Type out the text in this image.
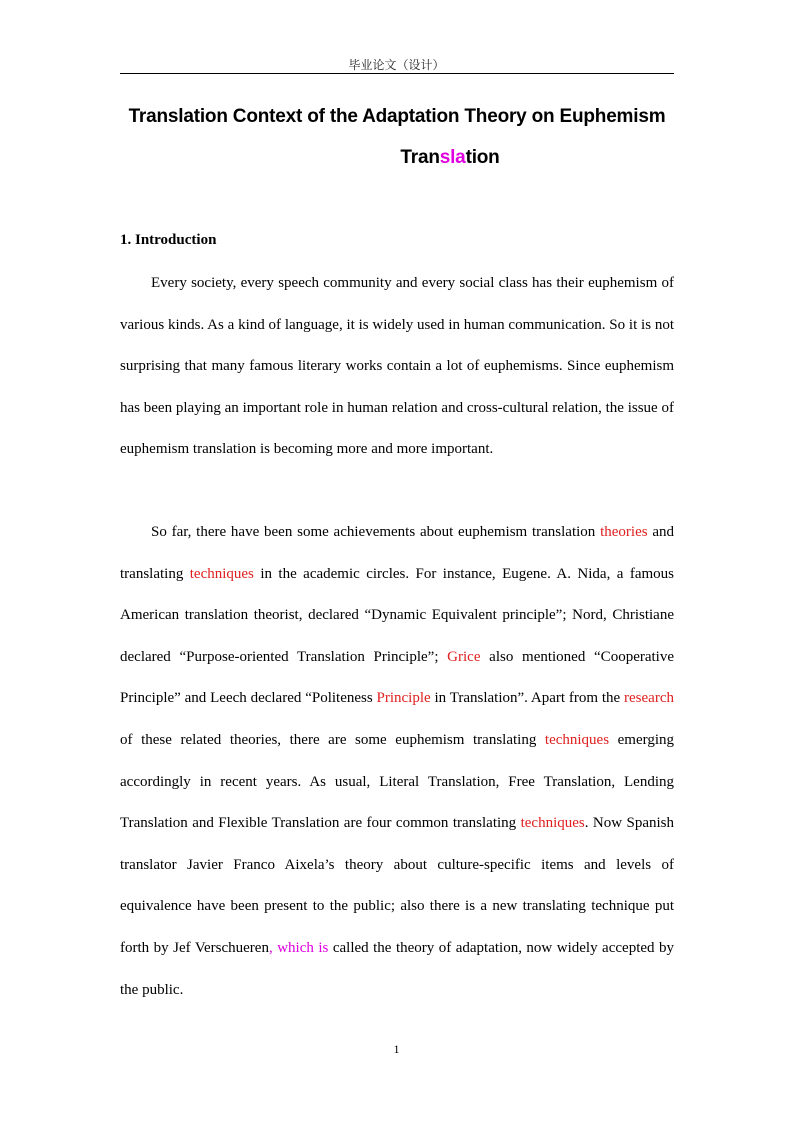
毕业论文（设计）
Translation Context of the Adaptation Theory on Euphemism
Translation
1. Introduction
Every society, every speech community and every social class has their euphemism of various kinds. As a kind of language, it is widely used in human communication. So it is not surprising that many famous literary works contain a lot of euphemisms. Since euphemism has been playing an important role in human relation and cross-cultural relation, the issue of euphemism translation is becoming more and more important.
So far, there have been some achievements about euphemism translation theories and translating techniques in the academic circles. For instance, Eugene. A. Nida, a famous American translation theorist, declared “Dynamic Equivalent principle”; Nord, Christiane declared “Purpose-oriented Translation Principle”; Grice also mentioned “Cooperative Principle” and Leech declared “Politeness Principle in Translation”. Apart from the research of these related theories, there are some euphemism translating techniques emerging accordingly in recent years. As usual, Literal Translation, Free Translation, Lending Translation and Flexible Translation are four common translating techniques. Now Spanish translator Javier Franco Aixela’s theory about culture-specific items and levels of equivalence have been present to the public; also there is a new translating technique put forth by Jef Verschueren, which is called the theory of adaptation, now widely accepted by the public.
1
